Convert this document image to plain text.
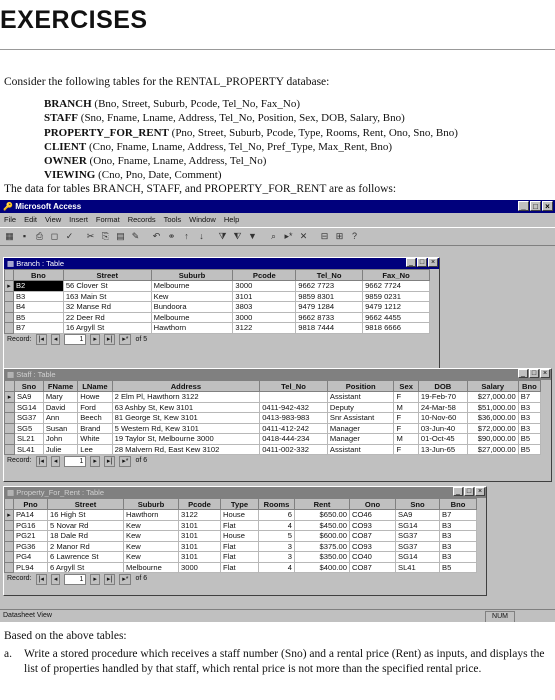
EXERCISES
Consider the following tables for the RENTAL_PROPERTY database:
BRANCH (Bno, Street, Suburb, Pcode, Tel_No, Fax_No)
STAFF (Sno, Fname, Lname, Address, Tel_No, Position, Sex, DOB, Salary, Bno)
PROPERTY_FOR_RENT (Pno, Street, Suburb, Pcode, Type, Rooms, Rent, Ono, Sno, Bno)
CLIENT (Cno, Fname, Lname, Address, Tel_No, Pref_Type, Max_Rent, Bno)
OWNER (Ono, Fname, Lname, Address, Tel_No)
VIEWING (Cno, Pno, Date, Comment)
The data for tables BRANCH, STAFF, and PROPERTY_FOR_RENT are as follows:
🔑 Microsoft Access	_ □ ×
File Edit View Insert Format Records Tools Window Help
▦	▪	⎙ ◻ ✓	✂ ⎘ ▤ ✎	↶ ⚭ ↑	↓	⧩ ⧨ ▼	⌕ ▸* ✕	⊟ ⊞ ?
▦ Branch : Table	_ □ ×
	Bno	Street	Suburb	Pcode	Tel_No	Fax_No
▸	B2	56 Clover St	Melbourne	3000	9662 7723	9662 7724
	B3	163 Main St	Kew	3101	9859 8301	9859 0231
	B4	32 Manse Rd	Bundoora	3803	9479 1284	9479 1212
	B5	22 Deer Rd	Melbourne	3000	9662 8733	9662 4455
	B7	16 Argyll St	Hawthorn	3122	9818 7444	9818 6666
Record:	|◂	◂	1	▸	▸|	▸*	of 5
▦ Staff : Table	_ □ ×
	Sno	FName	LName	Address	Tel_No	Position	Sex	DOB	Salary	Bno
▸	SA9	Mary	Howe	2 Elm Pl, Hawthorn 3122		Assistant	F	19-Feb-70	$27,000.00	B7
	SG14	David	Ford	63 Ashby St, Kew 3101	0411-942-432	Deputy	M	24-Mar-58	$51,000.00	B3
	SG37	Ann	Beech	81 George St, Kew 3101	0413-983-983	Snr Assistant	F	10-Nov-60	$36,000.00	B3
	SG5	Susan	Brand	5 Western Rd, Kew 3101	0411-412-242	Manager	F	03-Jun-40	$72,000.00	B3
	SL21	John	White	19 Taylor St, Melbourne 3000	0418-444-234	Manager	M	01-Oct-45	$90,000.00	B5
	SL41	Julie	Lee	28 Malvern Rd, East Kew 3102	0411-002-332	Assistant	F	13-Jun-65	$27,000.00	B5
Record:	|◂	◂	1	▸	▸|	▸*	of 6
▦ Property_For_Rent : Table	_ □ ×
	Pno	Street	Suburb	Pcode	Type	Rooms	Rent	Ono	Sno	Bno
▸	PA14	16 High St	Hawthorn	3122	House	6	$650.00	CO46	SA9	B7
	PG16	5 Novar Rd	Kew	3101	Flat	4	$450.00	CO93	SG14	B3
	PG21	18 Dale Rd	Kew	3101	House	5	$600.00	CO87	SG37	B3
	PG36	2 Manor Rd	Kew	3101	Flat	3	$375.00	CO93	SG37	B3
	PG4	6 Lawrence St	Kew	3101	Flat	3	$350.00	CO40	SG14	B3
	PL94	6 Argyll St	Melbourne	3000	Flat	4	$400.00	CO87	SL41	B5
Record:	|◂	◂	1	▸	▸|	▸*	of 6
Datasheet View	NUM
Based on the above tables:
a. Write a stored procedure which receives a staff number (Sno) and a rental price (Rent) as inputs, and displays the list of properties handled by that staff, which rental price is not more than the specified rental price.
